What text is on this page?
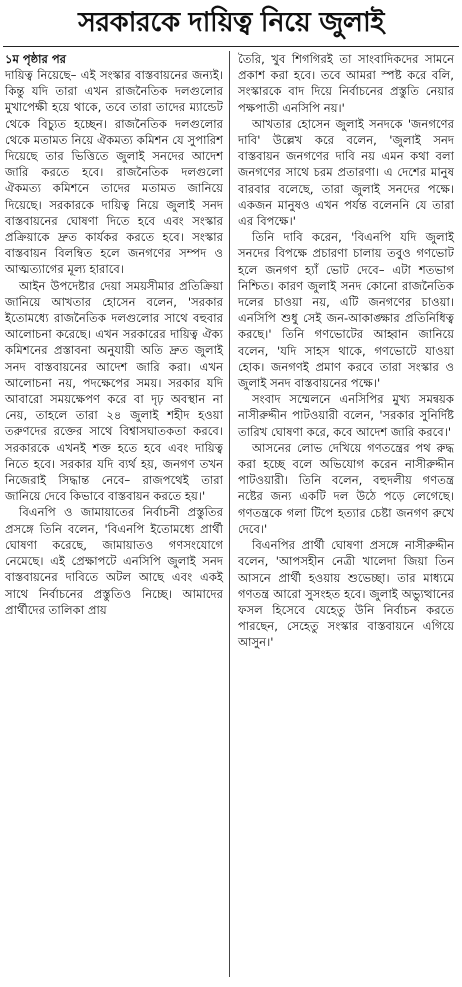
সরকারকে দায়িত্ব নিয়ে জুলাই

১ম পৃষ্ঠার পর

দায়িত্ব নিয়েছে– এই সংস্কার বাস্তবায়নের জন্যই। কিন্তু যদি তারা এখন রাজনৈতিক দলগুলোর মুখাপেক্ষী হয়ে থাকে, তবে তারা তাদের ম্যান্ডেট থেকে বিচ্যুত হচ্ছেন। রাজনৈতিক দলগুলোর থেকে মতামত নিয়ে ঐকমত্য কমিশন যে সুপারিশ দিয়েছে তার ভিত্তিতে জুলাই সনদের আদেশ জারি করতে হবে। রাজনৈতিক দলগুলো ঐকমত্য কমিশনে তাদের মতামত জানিয়ে দিয়েছে। সরকারকে দায়িত্ব নিয়ে জুলাই সনদ বাস্তবায়নের ঘোষণা দিতে হবে এবং সংস্কার প্রক্রিয়াকে দ্রুত কার্যকর করতে হবে। সংস্কার বাস্তবায়ন বিলম্বিত হলে জনগণের সম্পদ ও আত্মত্যাগের মূল্য হারাবে।

আইন উপদেষ্টার দেয়া সময়সীমার প্রতিক্রিয়া জানিয়ে আখতার হোসেন বলেন, 'সরকার ইতোমধ্যে রাজনৈতিক দলগুলোর সাথে বহুবার আলোচনা করেছে। এখন সরকারের দায়িত্ব ঐক্য কমিশনের প্রস্তাবনা অনুযায়ী অতি দ্রুত জুলাই সনদ বাস্তবায়নের আদেশ জারি করা। এখন আলোচনা নয়, পদক্ষেপের সময়। সরকার যদি আবারো সময়ক্ষেপণ করে বা দৃঢ় অবস্থান না নেয়, তাহলে তারা ২৪ জুলাই শহীদ হওয়া তরুণদের রক্তের সাথে বিশ্বাসঘাতকতা করবে। সরকারকে এখনই শক্ত হতে হবে এবং দায়িত্ব নিতে হবে। সরকার যদি ব্যর্থ হয়, জনগণ তখন নিজেরাই সিদ্ধান্ত নেবে– রাজপথেই তারা জানিয়ে দেবে কিভাবে বাস্তবায়ন করতে হয়।'

বিএনপি ও জামায়াতের নির্বাচনী প্রস্তুতির প্রসঙ্গে তিনি বলেন, 'বিএনপি ইতোমধ্যে প্রার্থী ঘোষণা করেছে, জামায়াতও গণসংযোগে নেমেছে। এই প্রেক্ষাপটে এনসিপি জুলাই সনদ বাস্তবায়নের দাবিতে অটল আছে এবং একই সাথে নির্বাচনের প্রস্তুতিও নিচ্ছে। আমাদের প্রার্থীদের তালিকা প্রায়

তৈরি, খুব শিগগিরই তা সাংবাদিকদের সামনে প্রকাশ করা হবে। তবে আমরা স্পষ্ট করে বলি, সংস্কারকে বাদ দিয়ে নির্বাচনের প্রস্তুতি নেয়ার পক্ষপাতী এনসিপি নয়।'

আখতার হোসেন জুলাই সনদকে 'জনগণের দাবি' উল্লেখ করে বলেন, 'জুলাই সনদ বাস্তবায়ন জনগণের দাবি নয় এমন কথা বলা জনগণের সাথে চরম প্রতারণা। এ দেশের মানুষ বারবার বলেছে, তারা জুলাই সনদের পক্ষে। একজন মানুষও এখন পর্যন্ত বলেননি যে তারা এর বিপক্ষে।'

তিনি দাবি করেন, 'বিএনপি যদি জুলাই সনদের বিপক্ষে প্রচারণা চালায় তবুও গণভোট হলে জনগণ হ্যাঁ ভোট দেবে– এটা শতভাগ নিশ্চিত। কারণ জুলাই সনদ কোনো রাজনৈতিক দলের চাওয়া নয়, এটি জনগণের চাওয়া। এনসিপি শুধু সেই জন-আকাঙ্ক্ষার প্রতিনিধিত্ব করছে।' তিনি গণভোটের আহ্বান জানিয়ে বলেন, 'যদি সাহস থাকে, গণভোটে যাওয়া হোক। জনগণই প্রমাণ করবে তারা সংস্কার ও জুলাই সনদ বাস্তবায়নের পক্ষে।'

সংবাদ সম্মেলনে এনসিপির মুখ্য সমন্বয়ক নাসীরুদ্দীন পাটওয়ারী বলেন, 'সরকার সুনির্দিষ্ট তারিখ ঘোষণা করে, কবে আদেশ জারি করবে।'

আসনের লোভ দেখিয়ে গণতন্ত্রের পথ রুদ্ধ করা হচ্ছে বলে অভিযোগ করেন নাসীরুদ্দীন পাটওয়ারী। তিনি বলেন, বহুদলীয় গণতন্ত্র নষ্টের জন্য একটি দল উঠে পড়ে লেগেছে। গণতন্ত্রকে গলা টিপে হত্যার চেষ্টা জনগণ রুখে দেবে।'

বিএনপির প্রার্থী ঘোষণা প্রসঙ্গে নাসীরুদ্দীন বলেন, 'আপসহীন নেত্রী খালেদা জিয়া তিন আসনে প্রার্থী হওয়ায় শুভেচ্ছা। তার মাধ্যমে গণতন্ত্র আরো সুসংহত হবে। জুলাই অভ্যুত্থানের ফসল হিসেবে যেহেতু উনি নির্বাচন করতে পারছেন, সেহেতু সংস্কার বাস্তবায়নে এগিয়ে আসুন।'
